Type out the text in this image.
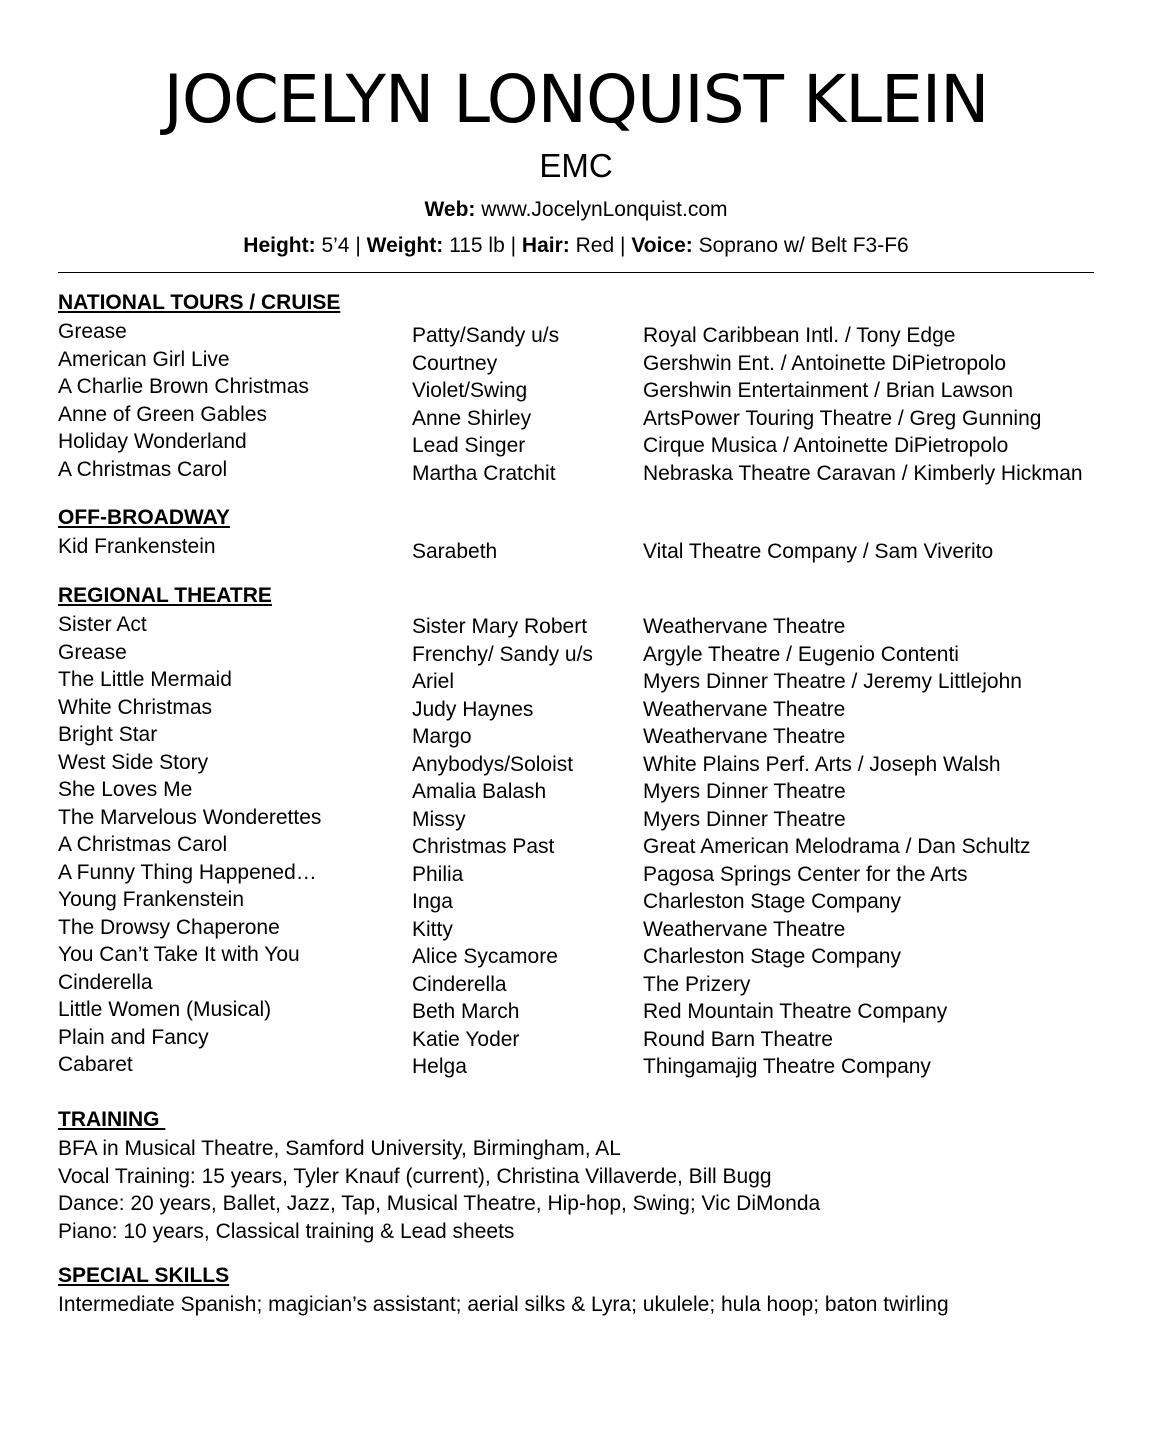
JOCELYN LONQUIST KLEIN
EMC
Web: www.JocelynLonquist.com
Height: 5’4 | Weight: 115 lb | Hair: Red | Voice: Soprano w/ Belt F3-F6
NATIONAL TOURS / CRUISE
Grease
American Girl Live
A Charlie Brown Christmas
Anne of Green Gables
Holiday Wonderland
A Christmas Carol
Patty/Sandy u/s
Courtney
Violet/Swing
Anne Shirley
Lead Singer
Martha Cratchit
Royal Caribbean Intl. / Tony Edge
Gershwin Ent. / Antoinette DiPietropolo
Gershwin Entertainment / Brian Lawson
ArtsPower Touring Theatre / Greg Gunning
Cirque Musica / Antoinette DiPietropolo
Nebraska Theatre Caravan / Kimberly Hickman
OFF-BROADWAY
Kid Frankenstein	Sarabeth	Vital Theatre Company / Sam Viverito
REGIONAL THEATRE
Sister Act
Grease
The Little Mermaid
White Christmas
Bright Star
West Side Story
She Loves Me
The Marvelous Wonderettes
A Christmas Carol
A Funny Thing Happened…
Young Frankenstein
The Drowsy Chaperone
You Can’t Take It with You
Cinderella
Little Women (Musical)
Plain and Fancy
Cabaret
Sister Mary Robert
Frenchy/ Sandy u/s
Ariel
Judy Haynes
Margo
Anybodys/Soloist
Amalia Balash
Missy
Christmas Past
Philia
Inga
Kitty
Alice Sycamore
Cinderella
Beth March
Katie Yoder
Helga
Weathervane Theatre
Argyle Theatre / Eugenio Contenti
Myers Dinner Theatre / Jeremy Littlejohn
Weathervane Theatre
Weathervane Theatre
White Plains Perf. Arts / Joseph Walsh
Myers Dinner Theatre
Myers Dinner Theatre
Great American Melodrama / Dan Schultz
Pagosa Springs Center for the Arts
Charleston Stage Company
Weathervane Theatre
Charleston Stage Company
The Prizery
Red Mountain Theatre Company
Round Barn Theatre
Thingamajig Theatre Company
TRAINING
BFA in Musical Theatre, Samford University, Birmingham, AL
Vocal Training: 15 years, Tyler Knauf (current), Christina Villaverde, Bill Bugg
Dance: 20 years, Ballet, Jazz, Tap, Musical Theatre, Hip-hop, Swing; Vic DiMonda
Piano: 10 years, Classical training & Lead sheets
SPECIAL SKILLS
Intermediate Spanish; magician’s assistant; aerial silks & Lyra; ukulele; hula hoop; baton twirling
